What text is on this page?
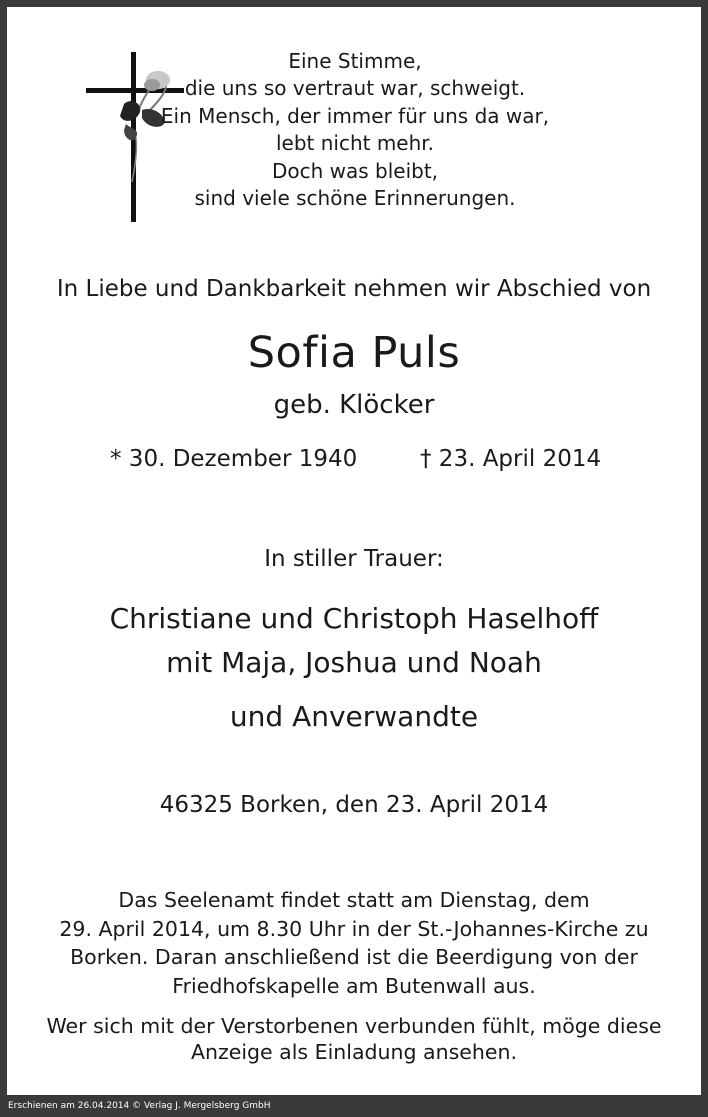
Eine Stimme,
die uns so vertraut war, schweigt.
Ein Mensch, der immer für uns da war,
lebt nicht mehr.
Doch was bleibt,
sind viele schöne Erinnerungen.
In Liebe und Dankbarkeit nehmen wir Abschied von
Sofia Puls
geb. Klöcker
* 30. Dezember 1940	† 23. April 2014
In stiller Trauer:
Christiane und Christoph Haselhoff
mit Maja, Joshua und Noah
und Anverwandte
46325 Borken, den 23. April 2014
Das Seelenamt findet statt am Dienstag, dem
29. April 2014, um 8.30 Uhr in der St.-Johannes-Kirche zu
Borken. Daran anschließend ist die Beerdigung von der
Friedhofskapelle am Butenwall aus.
Wer sich mit der Verstorbenen verbunden fühlt, möge diese
Anzeige als Einladung ansehen.
Erschienen am 26.04.2014 © Verlag J. Mergelsberg GmbH
